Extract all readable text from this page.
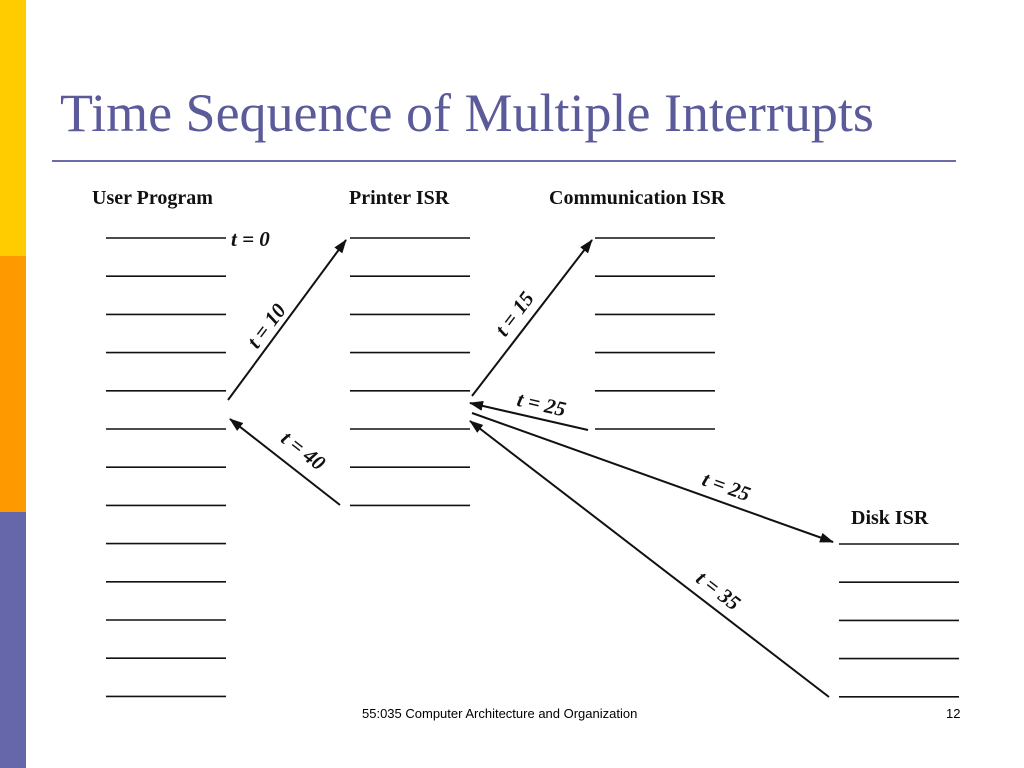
Time Sequence of Multiple Interrupts
User Program	Printer ISR	Communication ISR
Disk ISR
t = 0
t = 10
t = 40
t = 15
t = 25
t = 25
t = 35
55:035 Computer Architecture and Organization	12
